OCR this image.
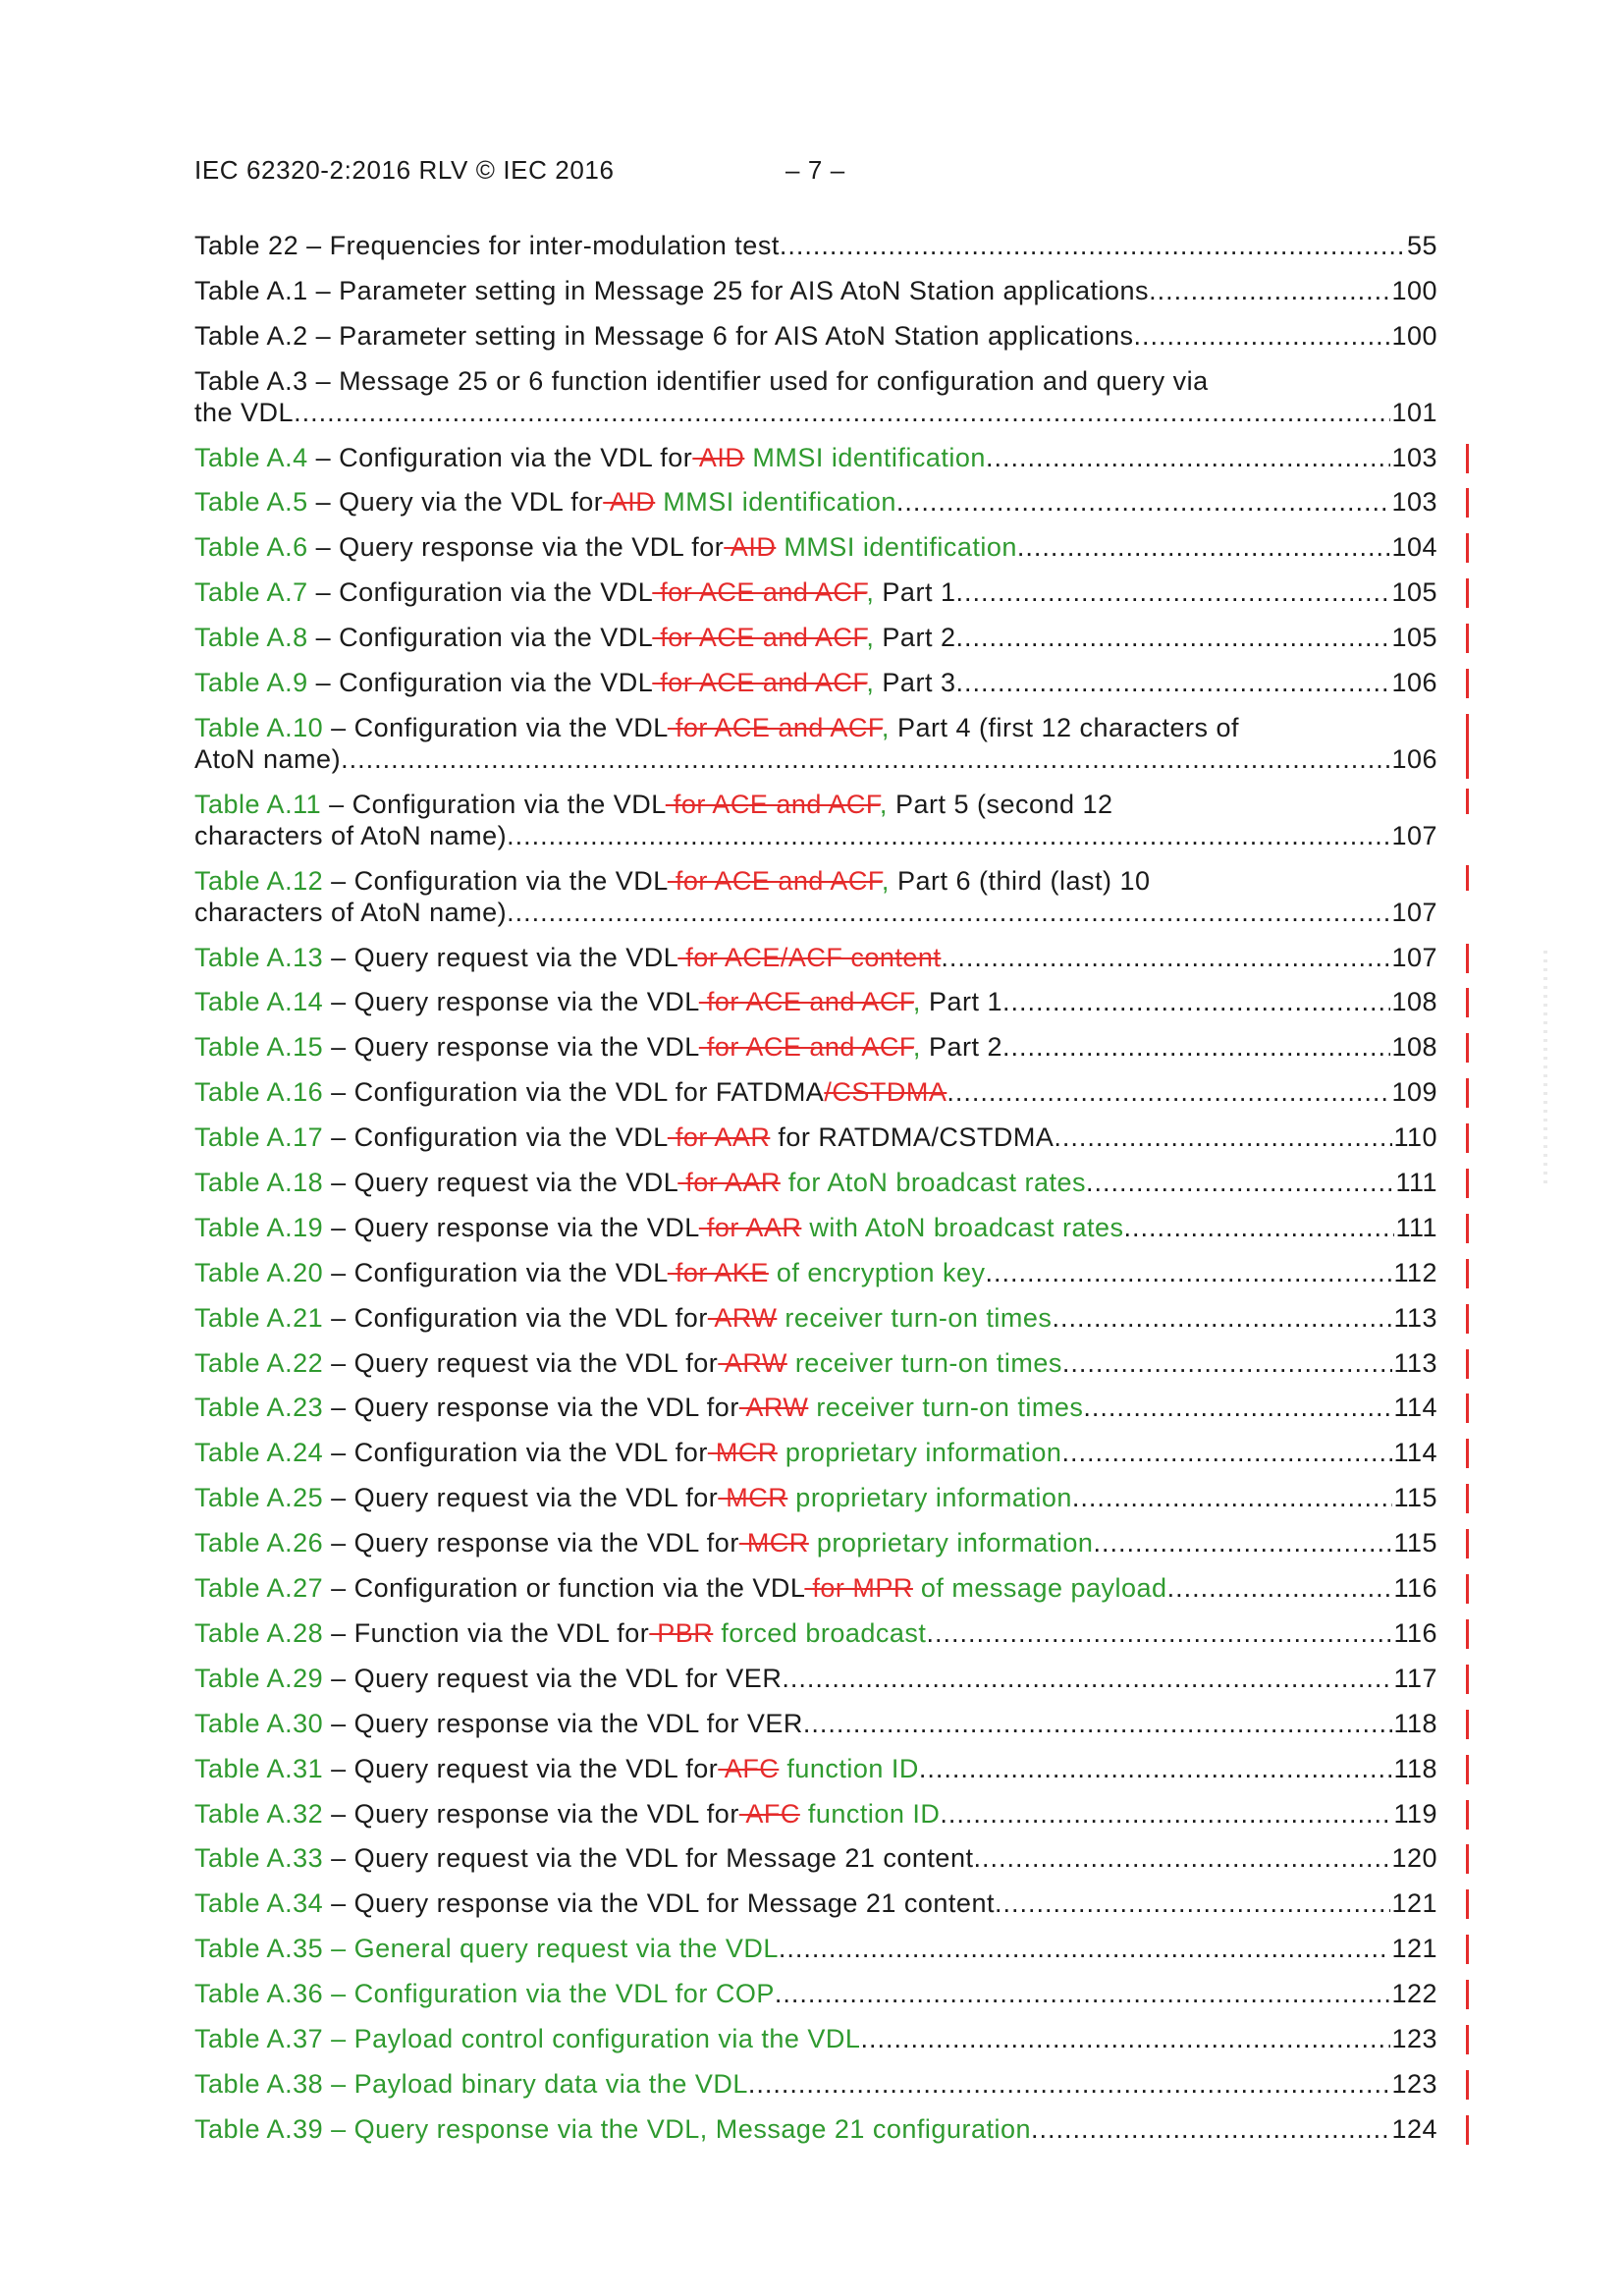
IEC 62320-2:2016 RLV © IEC 2016	– 7 –
Table 22 – Frequencies for inter-modulation test .....	55
Table A.1 – Parameter setting in Message 25 for AIS AtoN Station applications .....	100
Table A.2 – Parameter setting in Message 6 for AIS AtoN Station applications .....	100
Table A.3 – Message 25 or 6 function identifier used for configuration and query via
the VDL .....	101
Table A.4 – Configuration via the VDL for AID MMSI identification .....	103
Table A.5 – Query via the VDL for AID MMSI identification .....	103
Table A.6 – Query response via the VDL for AID MMSI identification .....	104
Table A.7 – Configuration via the VDL for ACE and ACF, Part 1 .....	105
Table A.8 – Configuration via the VDL for ACE and ACF, Part 2 .....	105
Table A.9 – Configuration via the VDL for ACE and ACF, Part 3 .....	106
Table A.10 – Configuration via the VDL for ACE and ACF, Part 4 (first 12 characters of
AtoN name) .....	106
Table A.11 – Configuration via the VDL for ACE and ACF, Part 5 (second 12
characters of AtoN name) .....	107
Table A.12 – Configuration via the VDL for ACE and ACF, Part 6 (third (last) 10
characters of AtoN name) .....	107
Table A.13 – Query request via the VDL for ACE/ACF content .....	107
Table A.14 – Query response via the VDL for ACE and ACF, Part 1 .....	108
Table A.15 – Query response via the VDL for ACE and ACF, Part 2 .....	108
Table A.16 – Configuration via the VDL for FATDMA/CSTDMA .....	109
Table A.17 – Configuration via the VDL for AAR for RATDMA/CSTDMA .....	110
Table A.18 – Query request via the VDL for AAR for AtoN broadcast rates .....	111
Table A.19 – Query response via the VDL for AAR with AtoN broadcast rates .....	111
Table A.20 – Configuration via the VDL for AKE of encryption key .....	112
Table A.21 – Configuration via the VDL for ARW receiver turn-on times .....	113
Table A.22 – Query request via the VDL for ARW receiver turn-on times .....	113
Table A.23 – Query response via the VDL for ARW receiver turn-on times .....	114
Table A.24 – Configuration via the VDL for MCR proprietary information .....	114
Table A.25 – Query request via the VDL for MCR proprietary information .....	115
Table A.26 – Query response via the VDL for MCR proprietary information .....	115
Table A.27 – Configuration or function via the VDL for MPR of message payload .....	116
Table A.28 – Function via the VDL for PBR forced broadcast .....	116
Table A.29 – Query request via the VDL for VER .....	117
Table A.30 – Query response via the VDL for VER .....	118
Table A.31 – Query request via the VDL for AFC function ID .....	118
Table A.32 – Query response via the VDL for AFC function ID .....	119
Table A.33 – Query request via the VDL for Message 21 content .....	120
Table A.34 – Query response via the VDL for Message 21 content .....	121
Table A.35 – General query request via the VDL .....	121
Table A.36 – Configuration via the VDL for COP .....	122
Table A.37 – Payload control configuration via the VDL .....	123
Table A.38 – Payload binary data via the VDL .....	123
Table A.39 – Query response via the VDL, Message 21 configuration .....	124
